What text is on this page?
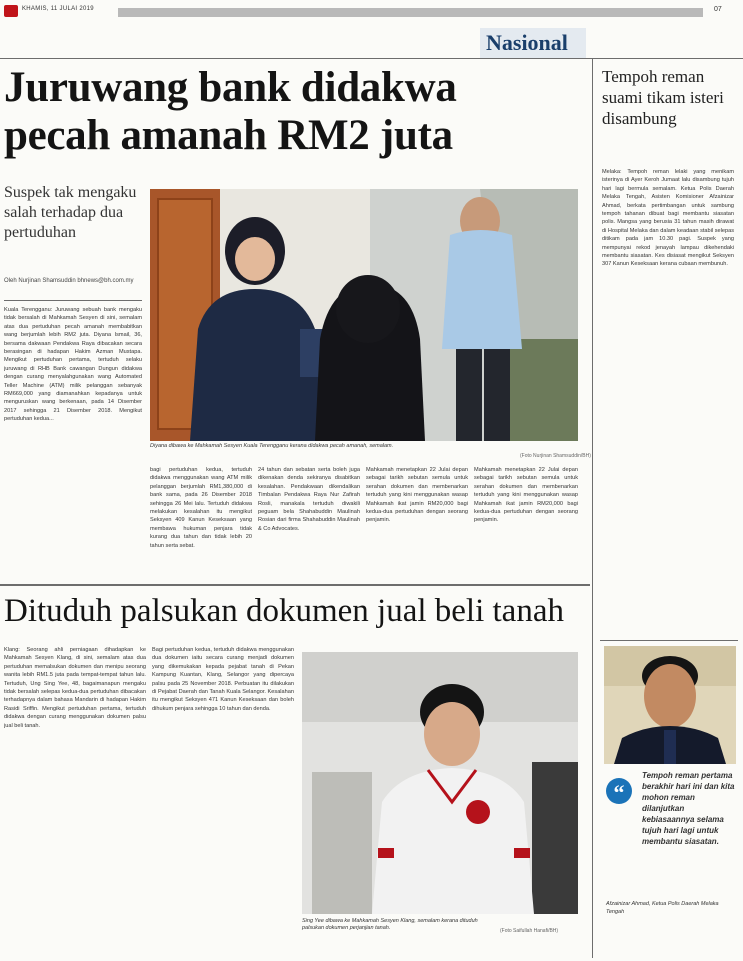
KHAMIS, 11 JULAI 2019	07
Nasional
Juruwang bank didakwa
pecah amanah RM2 juta
Suspek tak mengaku salah terhadap dua pertuduhan
Oleh Nurjinan Shamsuddin bhnews@bh.com.my
Kuala Terengganu: Juruwang sebuah bank mengaku tidak bersalah di Mahkamah Sesyen di sini, semalam atas dua pertuduhan pecah amanah membabitkan wang berjumlah lebih RM2 juta. Diyana Ismail, 36, bersama dakwaan Pendakwa Raya dibacakan secara berasingan di hadapan Hakim Azman Mustapa. Mengikut pertuduhan pertama, tertuduh selaku juruwang di RHB Bank cawangan Dungun didakwa dengan curang menyalahgunakan wang Automated Teller Machine (ATM) milik pelanggan sebanyak RM669,000 yang diamanahkan kepadanya untuk menguruskan wang berkenaan, pada 14 Disember 2017 sehingga 21 Disember 2018. Mengikut pertuduhan kedua...
Diyana dibawa ke Mahkamah Sesyen Kuala Terengganu kerana didakwa pecah amanah, semalam.
(Foto Nurjinan Shamsuddin/BH)
bagi pertuduhan kedua, tertuduh didakwa menggunakan wang ATM milik pelanggan berjumlah RM1,380,000 di bank sama, pada 26 Disember 2018 sehingga 26 Mei lalu. Tertuduh didakwa melakukan kesalahan itu mengikut Seksyen 409 Kanun Keseksaan yang membawa hukuman penjara tidak kurang dua tahun dan tidak lebih 20 tahun serta sebat.
24 tahun dan sebatan serta boleh juga dikenakan denda sekiranya disabitkan kesalahan. Pendakwaan dikendalikan Timbalan Pendakwa Raya Nur Zafirah Rosli, manakala tertuduh diwakili peguam bela Shahabuddin Maulinah Rosian dari firma Shahabuddin Maulinah & Co Advocates.
Mahkamah menetapkan 22 Julai depan sebagai tarikh sebutan semula untuk serahan dokumen dan membenarkan tertuduh yang kini menggunakan wasap Mahkamah ikat jamin RM20,000 bagi kedua-dua pertuduhan dengan seorang penjamin.
Mahkamah menetapkan 22 Julai depan sebagai tarikh sebutan semula untuk serahan dokumen dan membenarkan tertuduh yang kini menggunakan wasap Mahkamah ikat jamin RM20,000 bagi kedua-dua pertuduhan dengan seorang penjamin.
Dituduh palsukan dokumen jual beli tanah
Klang: Seorang ahli perniagaan dihadapkan ke Mahkamah Sesyen Klang, di sini, semalam atas dua pertuduhan memalsukan dokumen dan menipu seorang wanita lebih RM1.5 juta pada tempat-tempat tahun lalu. Tertuduh, Ung Sing Yee, 48, bagaimanapun mengaku tidak bersalah selepas kedua-dua pertuduhan dibacakan terhadapnya dalam bahasa Mandarin di hadapan Hakim Rasidi Sriffin. Mengikut pertuduhan pertama, tertuduh didakwa dengan curang menggunakan dokumen palsu jual beli tanah.
Bagi pertuduhan kedua, tertuduh didakwa menggunakan dua dokumen iaitu secara curang menjadi dokumen yang dikemukakan kepada pejabat tanah di Pekan Kampung Kuantan, Klang, Selangor yang dipercaya palsu pada 25 November 2018. Perbuatan itu dilakukan di Pejabat Daerah dan Tanah Kuala Selangor. Kesalahan itu mengikut Seksyen 471 Kanun Keseksaan dan boleh dihukum penjara sehingga 10 tahun dan denda.
Sing Yee dibawa ke Mahkamah Sesyen Klang, semalam kerana dituduh palsukan dokumen perjanjian tanah.	(Foto Saifullah Hanafi/BH)
Tempoh reman suami tikam isteri disambung
Melaka: Tempoh reman lelaki yang menikam isterinya di Ayer Keroh Jumaat lalu disambung tujuh hari lagi bermula semalam. Ketua Polis Daerah Melaka Tengah, Asisten Komisioner Afzainizar Ahmad, berkata pertimbangan untuk sambung tempoh tahanan dibuat bagi membantu siasatan polis. Mangsa yang berusia 31 tahun masih dirawat di Hospital Melaka dan dalam keadaan stabil selepas ditikam pada jam 10.30 pagi. Suspek yang mempunyai rekod jenayah lampau dikehendaki membantu siasatan. Kes disiasat mengikut Seksyen 307 Kanun Keseksaan kerana cubaan membunuh.
“
Tempoh reman pertama berakhir hari ini dan kita mohon reman dilanjutkan kebiasaannya selama tujuh hari lagi untuk membantu siasatan.
Afzainizar Ahmad, Ketua Polis Daerah Melaka Tengah
